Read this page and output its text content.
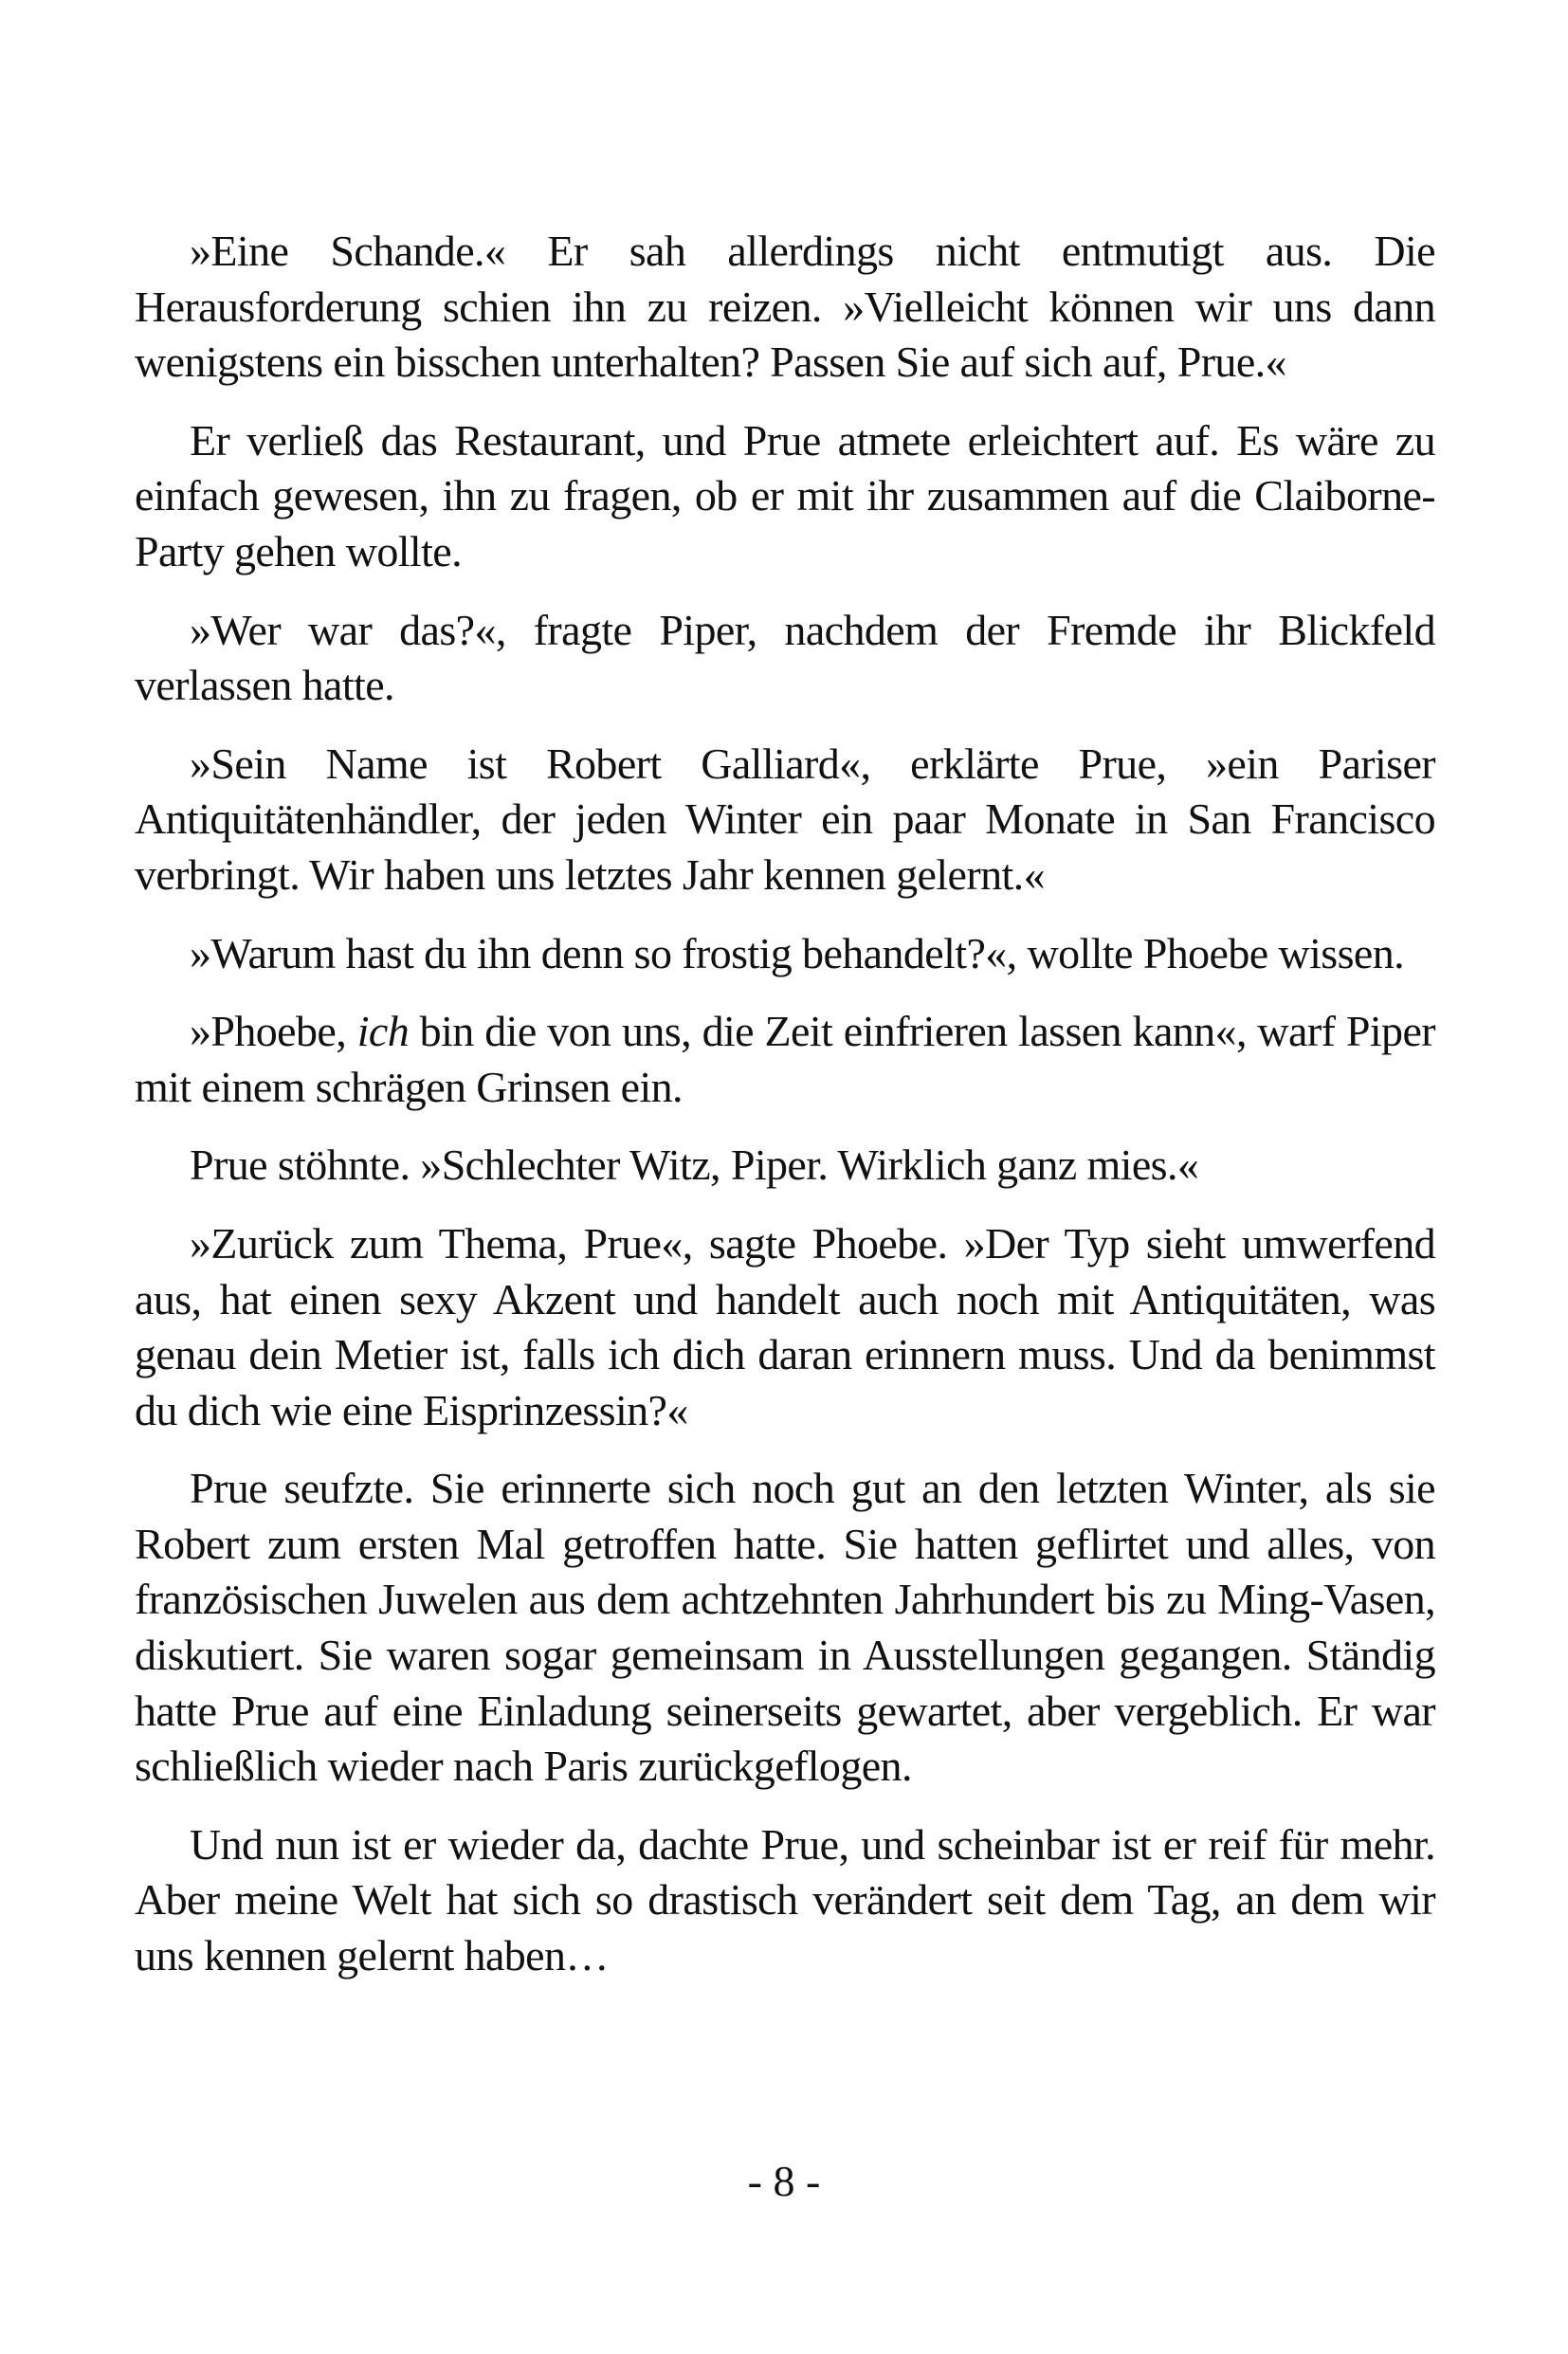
»Eine Schande.« Er sah allerdings nicht entmutigt aus. Die Herausforderung schien ihn zu reizen. »Vielleicht können wir uns dann wenigstens ein bisschen unterhalten? Passen Sie auf sich auf, Prue.«

Er verließ das Restaurant, und Prue atmete erleichtert auf. Es wäre zu einfach gewesen, ihn zu fragen, ob er mit ihr zusammen auf die Claiborne-Party gehen wollte.

»Wer war das?«, fragte Piper, nachdem der Fremde ihr Blickfeld verlassen hatte.

»Sein Name ist Robert Galliard«, erklärte Prue, »ein Pariser Antiquitätenhändler, der jeden Winter ein paar Monate in San Francisco verbringt. Wir haben uns letztes Jahr kennen gelernt.«

»Warum hast du ihn denn so frostig behandelt?«, wollte Phoebe wissen.

»Phoebe, ich bin die von uns, die Zeit einfrieren lassen kann«, warf Piper mit einem schrägen Grinsen ein.

Prue stöhnte. »Schlechter Witz, Piper. Wirklich ganz mies.«

»Zurück zum Thema, Prue«, sagte Phoebe. »Der Typ sieht umwerfend aus, hat einen sexy Akzent und handelt auch noch mit Antiquitäten, was genau dein Metier ist, falls ich dich daran erinnern muss. Und da benimmst du dich wie eine Eisprinzessin?«

Prue seufzte. Sie erinnerte sich noch gut an den letzten Winter, als sie Robert zum ersten Mal getroffen hatte. Sie hatten geflirtet und alles, von französischen Juwelen aus dem achtzehnten Jahrhundert bis zu Ming-Vasen, diskutiert. Sie waren sogar gemeinsam in Ausstellungen gegangen. Ständig hatte Prue auf eine Einladung seinerseits gewartet, aber vergeblich. Er war schließlich wieder nach Paris zurückgeflogen.

Und nun ist er wieder da, dachte Prue, und scheinbar ist er reif für mehr. Aber meine Welt hat sich so drastisch verändert seit dem Tag, an dem wir uns kennen gelernt haben…

- 8 -
